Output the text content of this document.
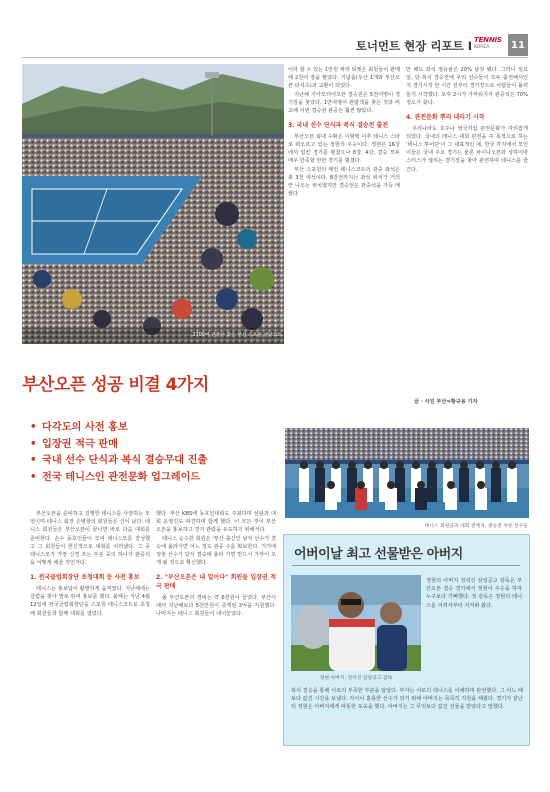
토너먼트 현장 리포트 Ⅰ TENNIS
KOREA	11
2700여 관중이 찾은 부산 스포원 센터코트
이라 할 수 있는 1만원 짜리 티켓은 회원들이 판매해 2천여 장을 팔았다. 기념품(우산 1개와 부산오픈 티셔츠)과 교환이 되었다.
지난해 기아모터어오픈 결승전은 5천여명이 경기장을 찾았다. 1만여명이 관람객을 찾은 것과 비교해 이번 결승전 관중은 훨씬 많았다.
3. 국내 선수 단식과 복식 결승전 출전
부산오픈 최대 수확은 이형택 이후 테니스 스타로 떠오르고 있는 정현의 우승이다. 정현은 16강에서 힙킨 경기를 펼쳤으나 8강, 4강, 결승 모두 매우 만족할 만한 경기를 펼쳤다.
부산 스포원의 메인 테니스코트의 관중 좌석은 총 3천 여석이다. 8강전까지는 좌석 위치가 거의 안 나오는 위치였지만 결승전은 관중석을 가득 메웠다.
만 해도 좌석 점유율은 20% 남짓 됐다. 그러나 일요일, 단·복식 결승전에 우리 선수들이 모두 출전해서인지 경기시작 한 시간 전부터 경기장으로 사람들이 몰려들기 시작했다. 오후 2시가 가까워지자 관중석은 70% 정도가 찼다.
4. 관전문화 뿌리 내리기 시작
우리나라도 호주나 영국처럼 관전문화가 자리잡게 되었다. 국내의 테니스 대회 관전을 주 목적으로 하는 '테니스 투어단'이 그 대표적인 예. 한국 각지에서 모인 이들은 국내 주요 경기는 물론 차이나오픈과 상하이마스터스가 열리는 경기장을 찾아 관전하며 테니스를 즐긴다.
글 · 사진 부산=황규용 기자
부산오픈 성공 비결 4가지
• 다각도의 사전 홍보
• 입장권 적극 판매
• 국내 선수 단식과 복식 결승무대 진출
• 전국 테니스인 관전문화 업그레이드
부산오픈을 준비하고 진행한 테니스를 사랑하는 모임이며 테니스 회장 손병창의 회원들은 신이 났다. 테니스 회원들은 부산오픈이 끝나면 바로 다음 대회를 준비한다. 손수 동호인들이 모여 테니스모를 결성했고 그 회원들이 헌신적으로 대회를 치러냈다. 그 중 테니스모가 가장 신경 쓰는 부분 중의 하나가 관중석을 어떻게 채울 것인가다.
1. 전국클럽회장단 초청대회 등 사전 홍보
테니스는 홍보팀이 활발하게 움직였다. 지난해에는 클럽을 찾아 발로 뛰며 홍보를 했다. 올해는 지난 4월12일에 전국클럽회장단을 스포원 테니스코트로 초청해 회원들과 함께 대회를 열었다.
했다. 부산 KBS에 동호인대회도 주최하며 심판과 대회 운영진도 파견하며 함께 했다. 이 모든 것이 부산오픈을 홍보하고 경기 관람을 유도하기 위해서다.
테니스 순수한 회원은 '부산 출신인 남자 선수가 결승에 올라가면 어느 정도 관중 수를 확보한다. 거기에 정현 선수가 단식 결승에 올라 가면 반드시 가까이 오게 될 것으로 확신했다.
2. "부산오픈은 내 일이다" 회원들 입장권 적극 판매
올 부산오픈의 경비는 약 6천원이 들었다. 부산시에서 지난해보다 5천만원이 증액된 3억을 지원했다. 나머지는 테니스 회원들이 내어놓았다.
테니스 회원들과 대회 관계자, 결승전 치른 선수들
어버이날 최고 선물받은 아버지
정현 아버지, 정석진 삼일공고 감독
정현의 아버지 정석진 삼일공고 감독은 부산오픈 결승 경기에서 정현이 우승을 하자 누구보다 기뻐했다. 정 감독은 정현의 테니스를 어려서부터 지켜봐 왔다.
복식 결승을 통해 서로의 부족한 부분을 알았다. 부자는 서로의 테니스를 이해하며 관전했다. 그 어느 때보다 값진 시간을 보냈다. 자식이 훌륭한 선수가 되기 위해 아버지는 묵묵히 지원을 해왔다. 경기가 끝난 뒤 정현은 아버지에게 따뜻한 포옹을 했다. 아버지는 그 무엇보다 값진 선물을 받았다고 말했다.
